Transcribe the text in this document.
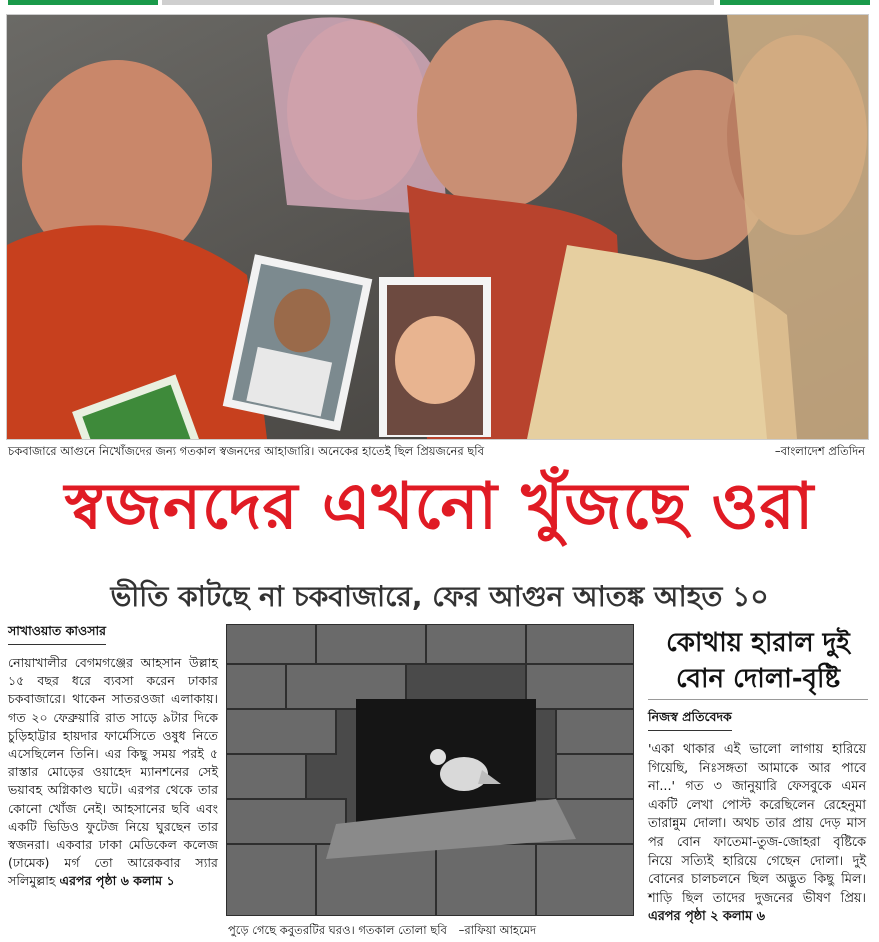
চকবাজারে আগুনে নিখোঁজদের জন্য গতকাল স্বজনদের আহাজারি। অনেকের হাতেই ছিল প্রিয়জনের ছবি	–বাংলাদেশ প্রতিদিন
স্বজনদের এখনো খুঁজছে ওরা
ভীতি কাটছে না চকবাজারে, ফের আগুন আতঙ্ক আহত ১০
সাখাওয়াত কাওসার
নোয়াখালীর বেগমগঞ্জের আহসান উল্লাহ ১৫ বছর ধরে ব্যবসা করেন ঢাকার চকবাজারে। থাকেন সাতরওজা এলাকায়। গত ২০ ফেব্রুয়ারি রাত সাড়ে ৯টার দিকে চুড়িহাট্টার হায়দার ফার্মেসিতে ওষুধ নিতে এসেছিলেন তিনি। এর কিছু সময় পরই ৫ রাস্তার মোড়ের ওয়াহেদ ম্যানশনের সেই ভয়াবহ অগ্নিকাণ্ড ঘটে। এরপর থেকে তার কোনো খোঁজ নেই। আহসানের ছবি এবং একটি ভিডিও ফুটেজ নিয়ে ঘুরছেন তার স্বজনরা। একবার ঢাকা মেডিকেল কলেজ (ঢামেক) মর্গ তো আরেকবার স্যার সলিমুল্লাহ এরপর পৃষ্ঠা ৬ কলাম ১
পুড়ে গেছে কবুতরটির ঘরও। গতকাল তোলা ছবি –রাফিয়া আহমেদ
কোথায় হারাল দুই বোন দোলা-বৃষ্টি
নিজস্ব প্রতিবেদক
'একা থাকার এই ভালো লাগায় হারিয়ে গিয়েছি, নিঃসঙ্গতা আমাকে আর পাবে না...' গত ৩ জানুয়ারি ফেসবুকে এমন একটি লেখা পোস্ট করেছিলেন রেহেনুমা তারান্নুম দোলা। অথচ তার প্রায় দেড় মাস পর বোন ফাতেমা-তুজ-জোহরা বৃষ্টিকে নিয়ে সত্যিই হারিয়ে গেছেন দোলা। দুই বোনের চালচলনে ছিল অদ্ভুত কিছু মিল। শাড়ি ছিল তাদের দুজনের ভীষণ প্রিয়। এরপর পৃষ্ঠা ২ কলাম ৬
